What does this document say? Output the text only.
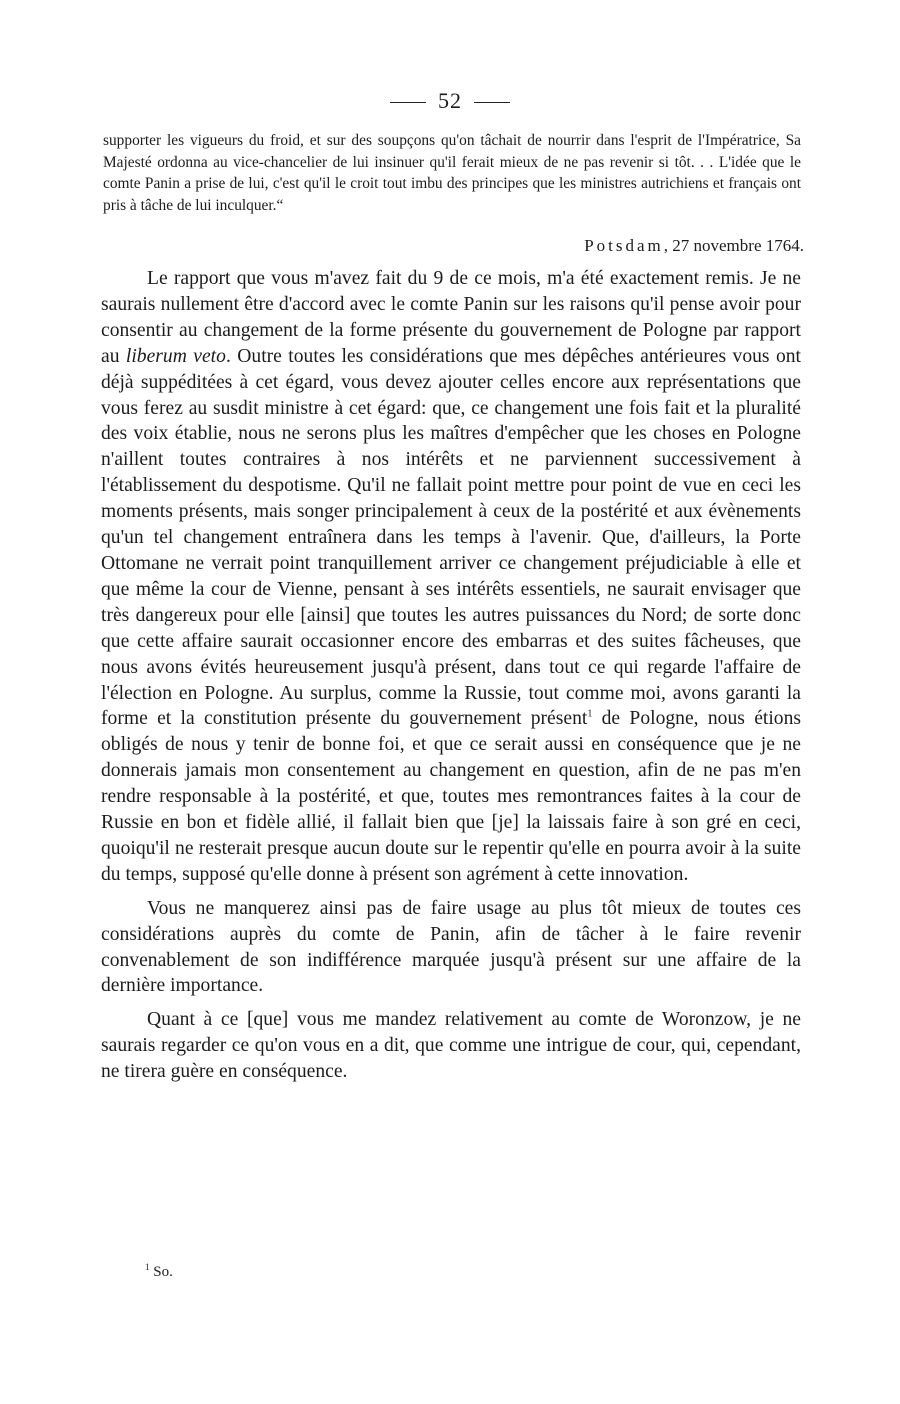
52

supporter les vigueurs du froid, et sur des soupçons qu'on tâchait de nourrir dans l'esprit de l'Impératrice, Sa Majesté ordonna au vice-chancelier de lui insinuer qu'il ferait mieux de ne pas revenir si tôt. . . L'idée que le comte Panin a prise de lui, c'est qu'il le croit tout imbu des principes que les ministres autrichiens et français ont pris à tâche de lui inculquer.“

Potsdam, 27 novembre 1764.

Le rapport que vous m'avez fait du 9 de ce mois, m'a été exactement remis. Je ne saurais nullement être d'accord avec le comte Panin sur les raisons qu'il pense avoir pour consentir au changement de la forme présente du gouvernement de Pologne par rapport au liberum veto. Outre toutes les considérations que mes dépêches antérieures vous ont déjà suppéditées à cet égard, vous devez ajouter celles encore aux représentations que vous ferez au susdit ministre à cet égard: que, ce changement une fois fait et la pluralité des voix établie, nous ne serons plus les maîtres d'empêcher que les choses en Pologne n'aillent toutes contraires à nos intérêts et ne parviennent successivement à l'établissement du despotisme. Qu'il ne fallait point mettre pour point de vue en ceci les moments présents, mais songer principalement à ceux de la postérité et aux évènements qu'un tel changement entraînera dans les temps à l'avenir. Que, d'ailleurs, la Porte Ottomane ne verrait point tranquillement arriver ce changement préjudiciable à elle et que même la cour de Vienne, pensant à ses intérêts essentiels, ne saurait envisager que très dangereux pour elle [ainsi] que toutes les autres puissances du Nord; de sorte donc que cette affaire saurait occasionner encore des embarras et des suites fâcheuses, que nous avons évités heureusement jusqu'à présent, dans tout ce qui regarde l'affaire de l'élection en Pologne. Au surplus, comme la Russie, tout comme moi, avons garanti la forme et la constitution présente du gouvernement présent$^1$ de Pologne, nous étions obligés de nous y tenir de bonne foi, et que ce serait aussi en conséquence que je ne donnerais jamais mon consentement au changement en question, afin de ne pas m'en rendre responsable à la postérité, et que, toutes mes remontrances faites à la cour de Russie en bon et fidèle allié, il fallait bien que [je] la laissais faire à son gré en ceci, quoiqu'il ne resterait presque aucun doute sur le repentir qu'elle en pourra avoir à la suite du temps, supposé qu'elle donne à présent son agrément à cette innovation.

Vous ne manquerez ainsi pas de faire usage au plus tôt mieux de toutes ces considérations auprès du comte de Panin, afin de tâcher à le faire revenir convenablement de son indifférence marquée jusqu'à présent sur une affaire de la dernière importance.

Quant à ce [que] vous me mandez relativement au comte de Woronzow, je ne saurais regarder ce qu'on vous en a dit, que comme une intrigue de cour, qui, cependant, ne tirera guère en conséquence.

$^1$ So.
